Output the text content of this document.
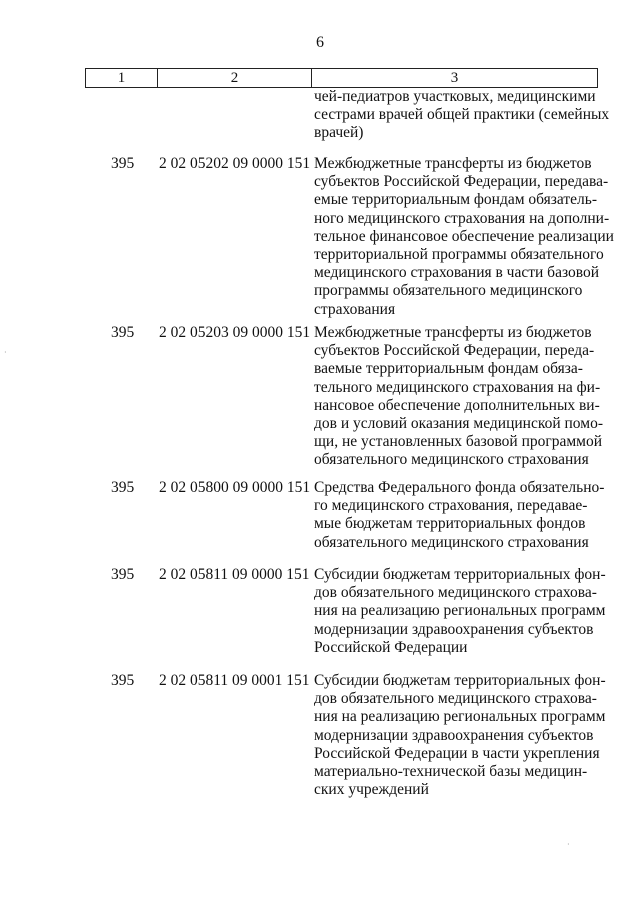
6
1	2	3
чей-педиатров участковых, медицинскими
сестрами врачей общей практики (семейных
врачей)
395 2 02 05202 09 0000 151 Межбюджетные трансферты из бюджетов
субъектов Российской Федерации, передава-
емые территориальным фондам обязатель-
ного медицинского страхования на дополни-
тельное финансовое обеспечение реализации
территориальной программы обязательного
медицинского страхования в части базовой
программы обязательного медицинского
страхования
395 2 02 05203 09 0000 151 Межбюджетные трансферты из бюджетов
субъектов Российской Федерации, переда-
ваемые территориальным фондам обяза-
тельного медицинского страхования на фи-
нансовое обеспечение дополнительных ви-
дов и условий оказания медицинской помо-
щи, не установленных базовой программой
обязательного медицинского страхования
395 2 02 05800 09 0000 151 Средства Федерального фонда обязательно-
го медицинского страхования, передавае-
мые бюджетам территориальных фондов
обязательного медицинского страхования
395 2 02 05811 09 0000 151 Субсидии бюджетам территориальных фон-
дов обязательного медицинского страхова-
ния на реализацию региональных программ
модернизации здравоохранения субъектов
Российской Федерации
395 2 02 05811 09 0001 151 Субсидии бюджетам территориальных фон-
дов обязательного медицинского страхова-
ния на реализацию региональных программ
модернизации здравоохранения субъектов
Российской Федерации в части укрепления
материально-технической базы медицин-
ских учреждений
·
·
